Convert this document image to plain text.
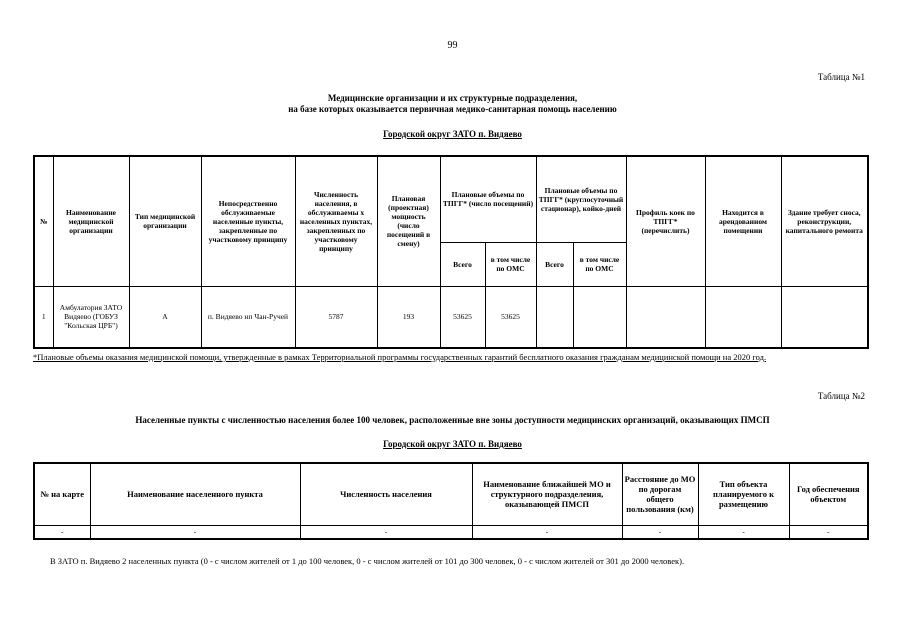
99
Таблица №1
Медицинские организации и их структурные подразделения,
на базе которых оказывается первичная медико-санитарная помощь населению
Городской округ ЗАТО п. Видяево
№	Наименование медицинской организации	Тип медицинской организации	Непосредственно обслуживаемые населенные пункты, закрепленные по участковому принципу	Численность населения, в обслуживаемы х населенных пунктах, закрепленных по участковому принципу	Плановая (проектная) мощность (число посещений в смену)	Плановые объемы по ТПГГ* (число посещений)		Плановые объемы по ТПГГ* (круглосуточный стационар), койко-дней		Профиль коек по ТПГГ* (перечислить)	Находится в арендованном помещении	Здание требует сноса, реконструкции, капитального ремонта
						Всего	в том числе по ОМС	Всего	в том числе по ОМС			
1	Амбулатория ЗАТО Видяево (ГОБУЗ "Кольская ЦРБ")	А	п. Видяево нп Чан-Ручей	5787	193	53625	53625					
*Плановые объемы оказания медицинской помощи, утвержденные в рамках Территориальной программы государственных гарантий бесплатного оказания гражданам медицинской помощи на 2020 год.
Таблица №2
Населенные пункты с численностью населения более 100 человек, расположенные вне зоны доступности медицинских организаций, оказывающих ПМСП
Городской округ ЗАТО п. Видяево
№ на карте	Наименование населенного пункта	Численность населения	Наименование ближайшей МО и структурного подразделения, оказывающей ПМСП	Расстояние до МО по дорогам общего пользования (км)	Тип объекта планируемого к размещению	Год обеспечения объектом
-	-	-	-	-	-	-
В ЗАТО п. Видяево 2 населенных пункта (0 - с числом жителей от 1 до 100 человек, 0 - с числом жителей от 101 до 300 человек, 0 - с числом жителей от 301 до 2000 человек).
